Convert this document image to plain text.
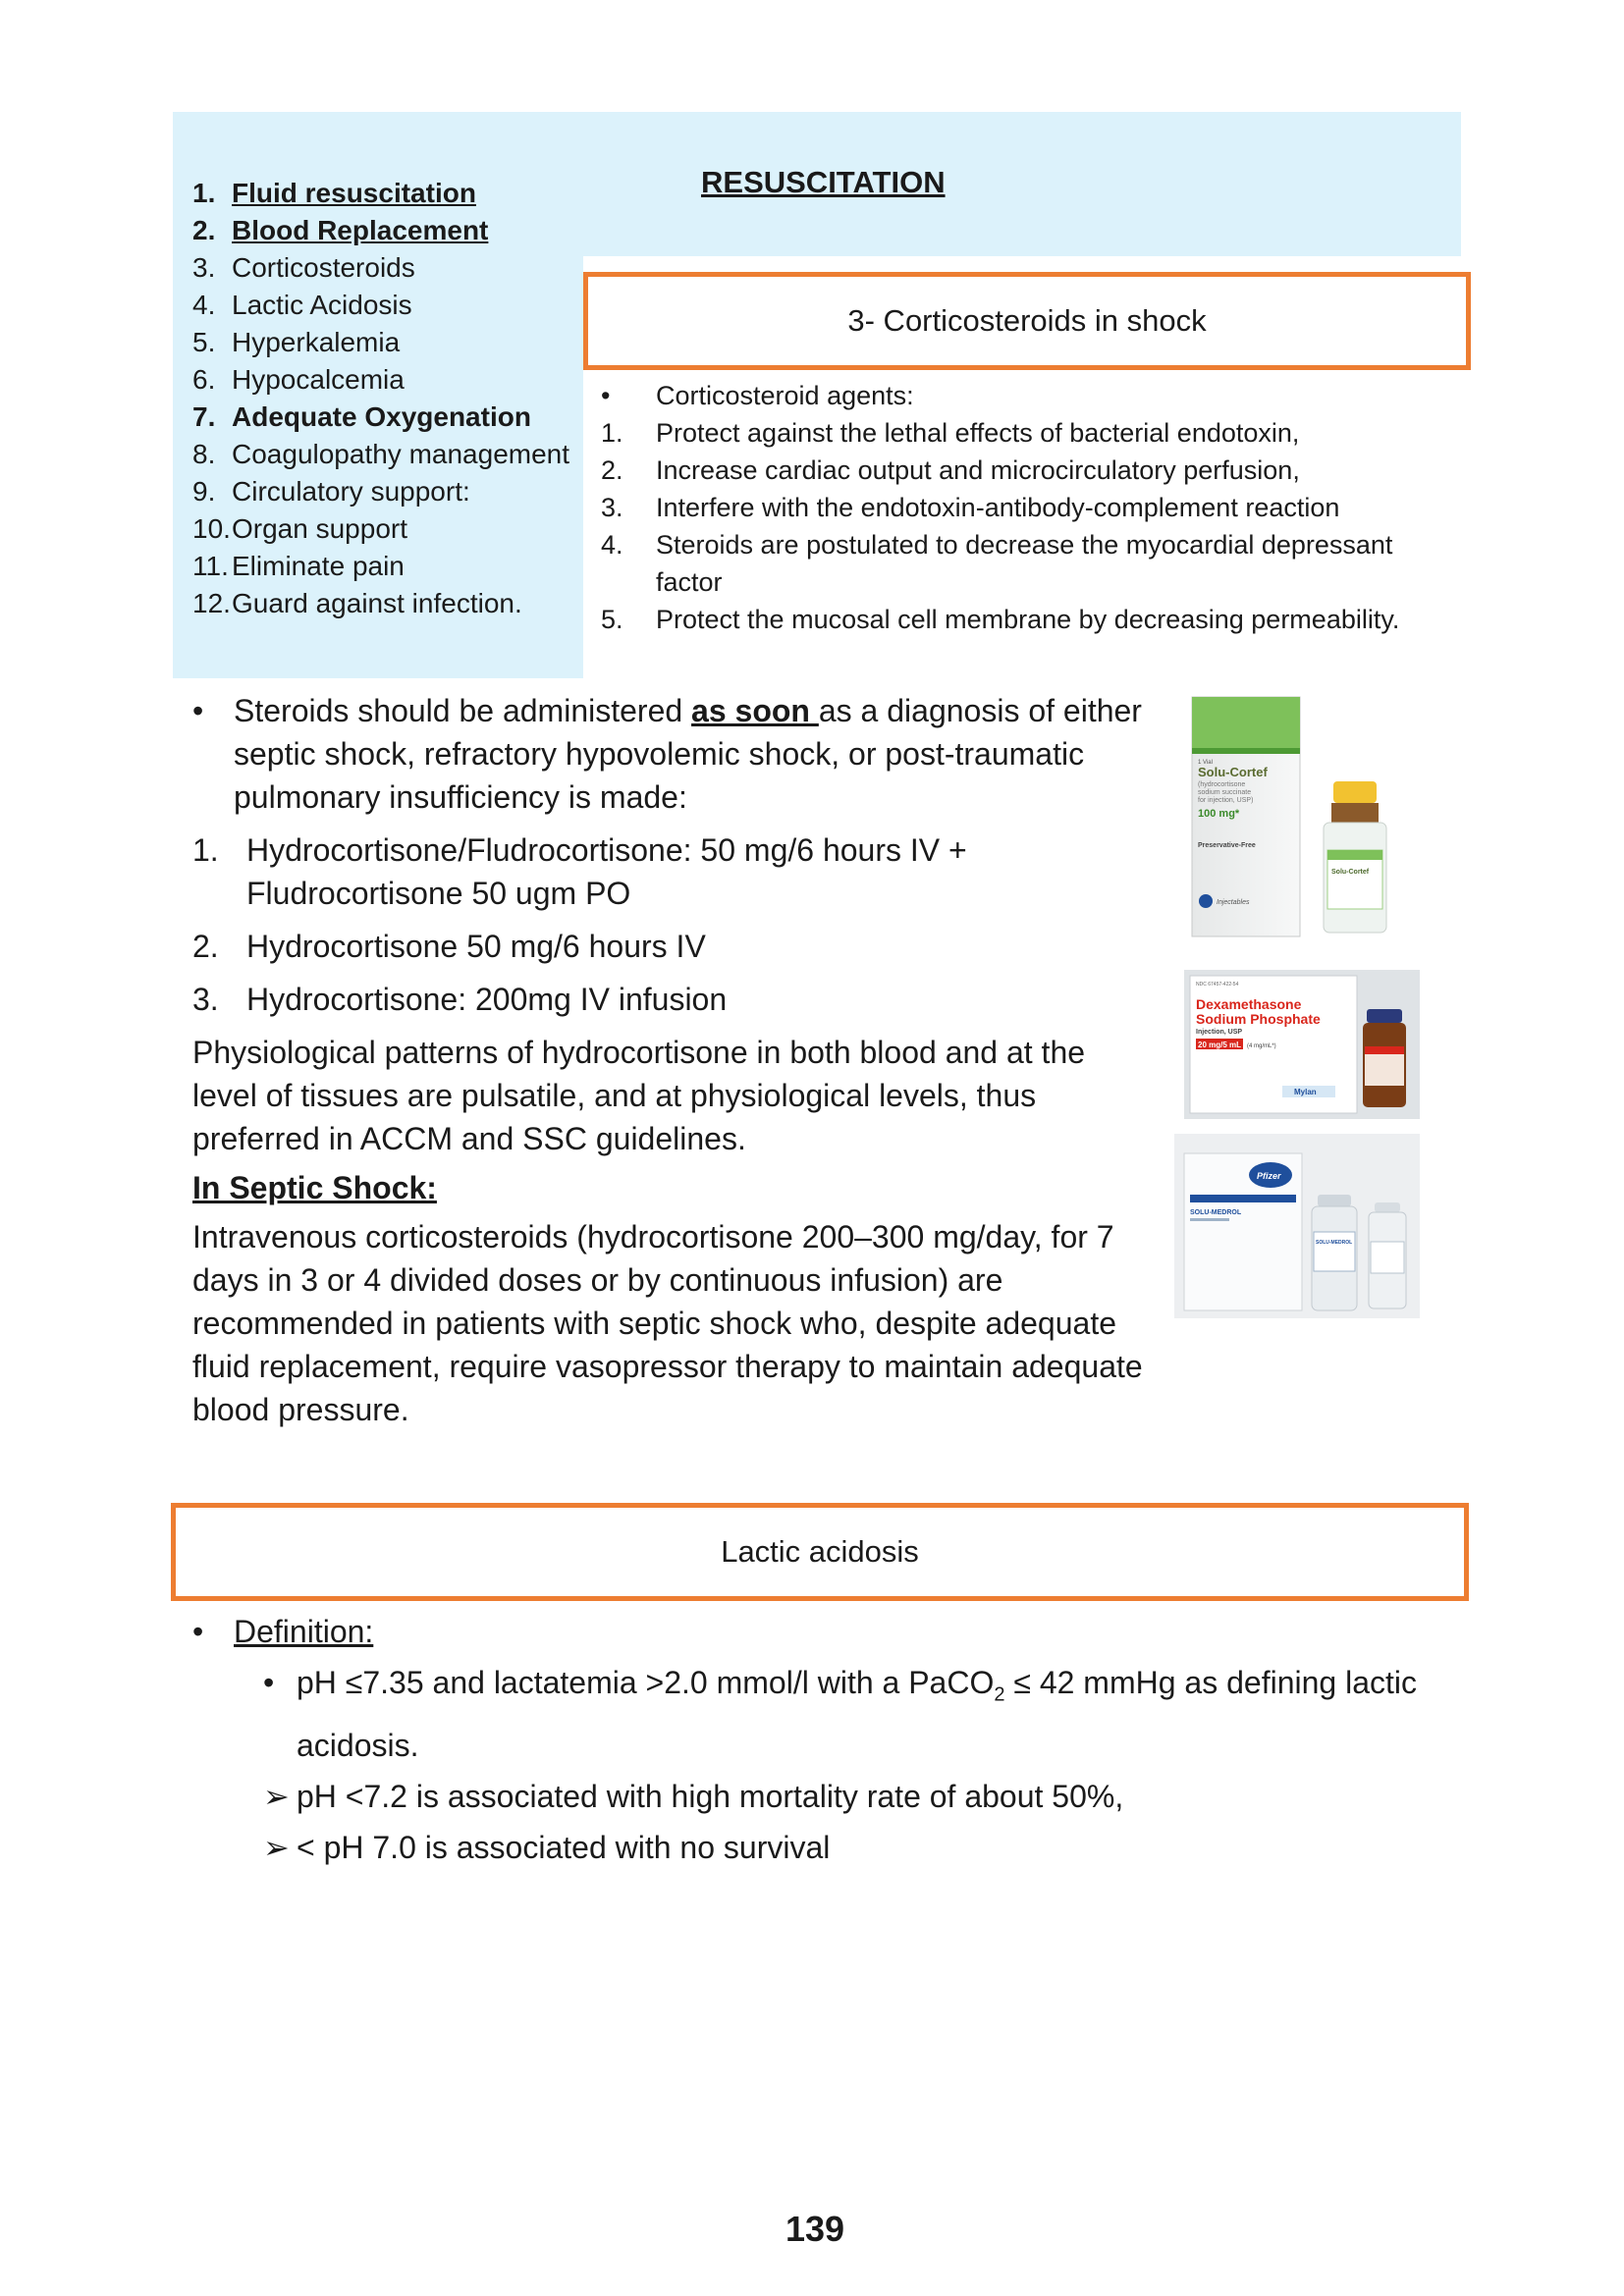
RESUSCITATION
1. Fluid resuscitation
2. Blood Replacement
3. Corticosteroids
4. Lactic Acidosis
5. Hyperkalemia
6. Hypocalcemia
7. Adequate Oxygenation
8. Coagulopathy management
9. Circulatory support:
10. Organ support
11. Eliminate pain
12. Guard against infection.
3- Corticosteroids in shock
•	Corticosteroid agents:
1.	Protect against the lethal effects of bacterial endotoxin,
2.	Increase cardiac output and microcirculatory perfusion,
3.	Interfere with the endotoxin-antibody-complement reaction
4.	Steroids are postulated to decrease the myocardial depressant factor
5.	Protect the mucosal cell membrane by decreasing permeability.
• Steroids should be administered as soon as a diagnosis of either septic shock, refractory hypovolemic shock, or post-traumatic pulmonary insufficiency is made:
1. Hydrocortisone/Fludrocortisone: 50 mg/6 hours IV + Fludrocortisone 50 ugm PO
2. Hydrocortisone 50 mg/6 hours IV
3. Hydrocortisone: 200mg IV infusion

Physiological patterns of hydrocortisone in both blood and at the level of tissues are pulsatile, and at physiological levels, thus preferred in ACCM and SSC guidelines.

In Septic Shock:

Intravenous corticosteroids (hydrocortisone 200–300 mg/day, for 7 days in 3 or 4 divided doses or by continuous infusion) are recommended in patients with septic shock who, despite adequate fluid replacement, require vasopressor therapy to maintain adequate blood pressure.

1 Vial
Solu-Cortef
(hydrocortisone
sodium succinate
for injection, USP)
100 mg*
Preservative-Free
Injectables
Solu-Cortef
NDC 67457-422-54
Dexamethasone
Sodium Phosphate
Injection, USP
20 mg/5 mL (4 mg/mL*)
Mylan
Pfizer
SOLU-MEDROL
SOLU-MEDROL
Lactic acidosis
• Definition:
• pH ≤7.35 and lactatemia >2.0 mmol/l with a PaCO$_2$ ≤ 42 mmHg as defining lactic acidosis.
➢ pH <7.2 is associated with high mortality rate of about 50%,
➢ < pH 7.0 is associated with no survival
139
